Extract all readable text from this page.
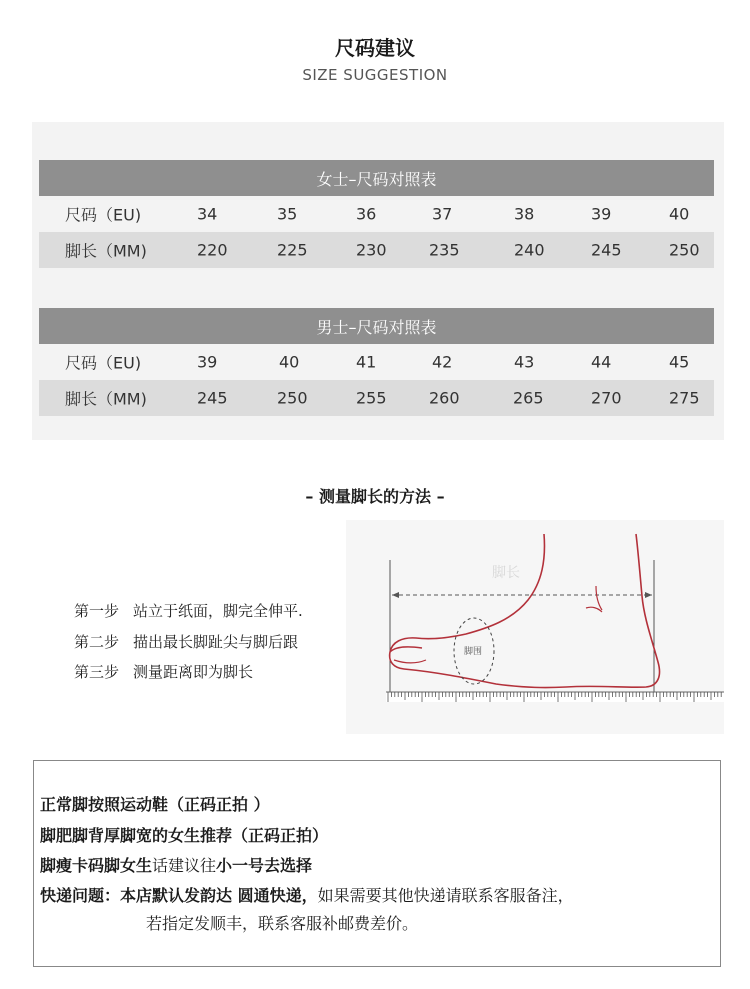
尺码建议
SIZE SUGGESTION
女士–尺码对照表
尺码（EU)	34	35	36	37	38	39	40
脚长（MM)	220	225	230	235	240	245	250
男士–尺码对照表
尺码（EU)	39	40	41	42	43	44	45
脚长（MM)	245	250	255	260	265	270	275
– 测量脚长的方法 –
第一步 站立于纸面，脚完全伸平.
第二步 描出最长脚趾尖与脚后跟
第三步 测量距离即为脚长
脚长
脚围
正常脚按照运动鞋（正码正拍 ）
脚肥脚背厚脚宽的女生推荐（正码正拍）
脚瘦卡码脚女生话建议往小一号去选择
快递问题：本店默认发韵达 圆通快递，如果需要其他快递请联系客服备注，
若指定发顺丰，联系客服补邮费差价。
